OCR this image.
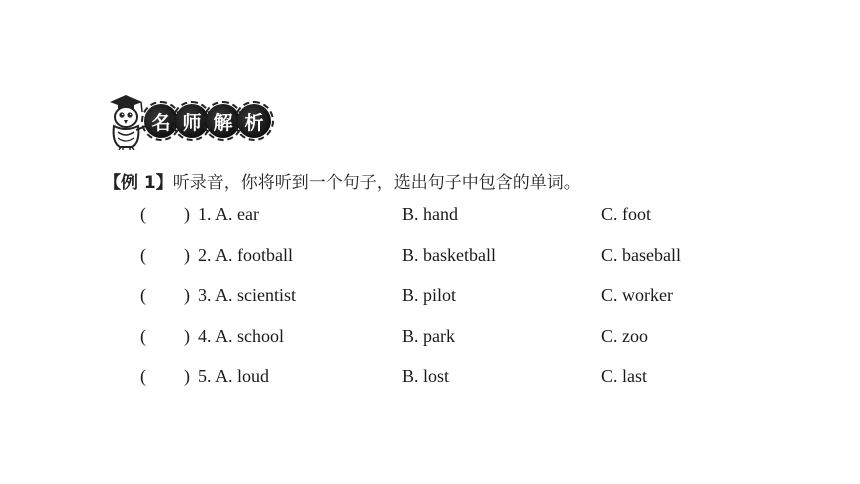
名 师 解 析
【例 1】听录音，你将听到一个句子，选出句子中包含的单词。
( ) 1. A. ear	B. hand	C. foot
( ) 2. A. football	B. basketball	C. baseball
( ) 3. A. scientist	B. pilot	C. worker
( ) 4. A. school	B. park	C. zoo
( ) 5. A. loud	B. lost	C. last
